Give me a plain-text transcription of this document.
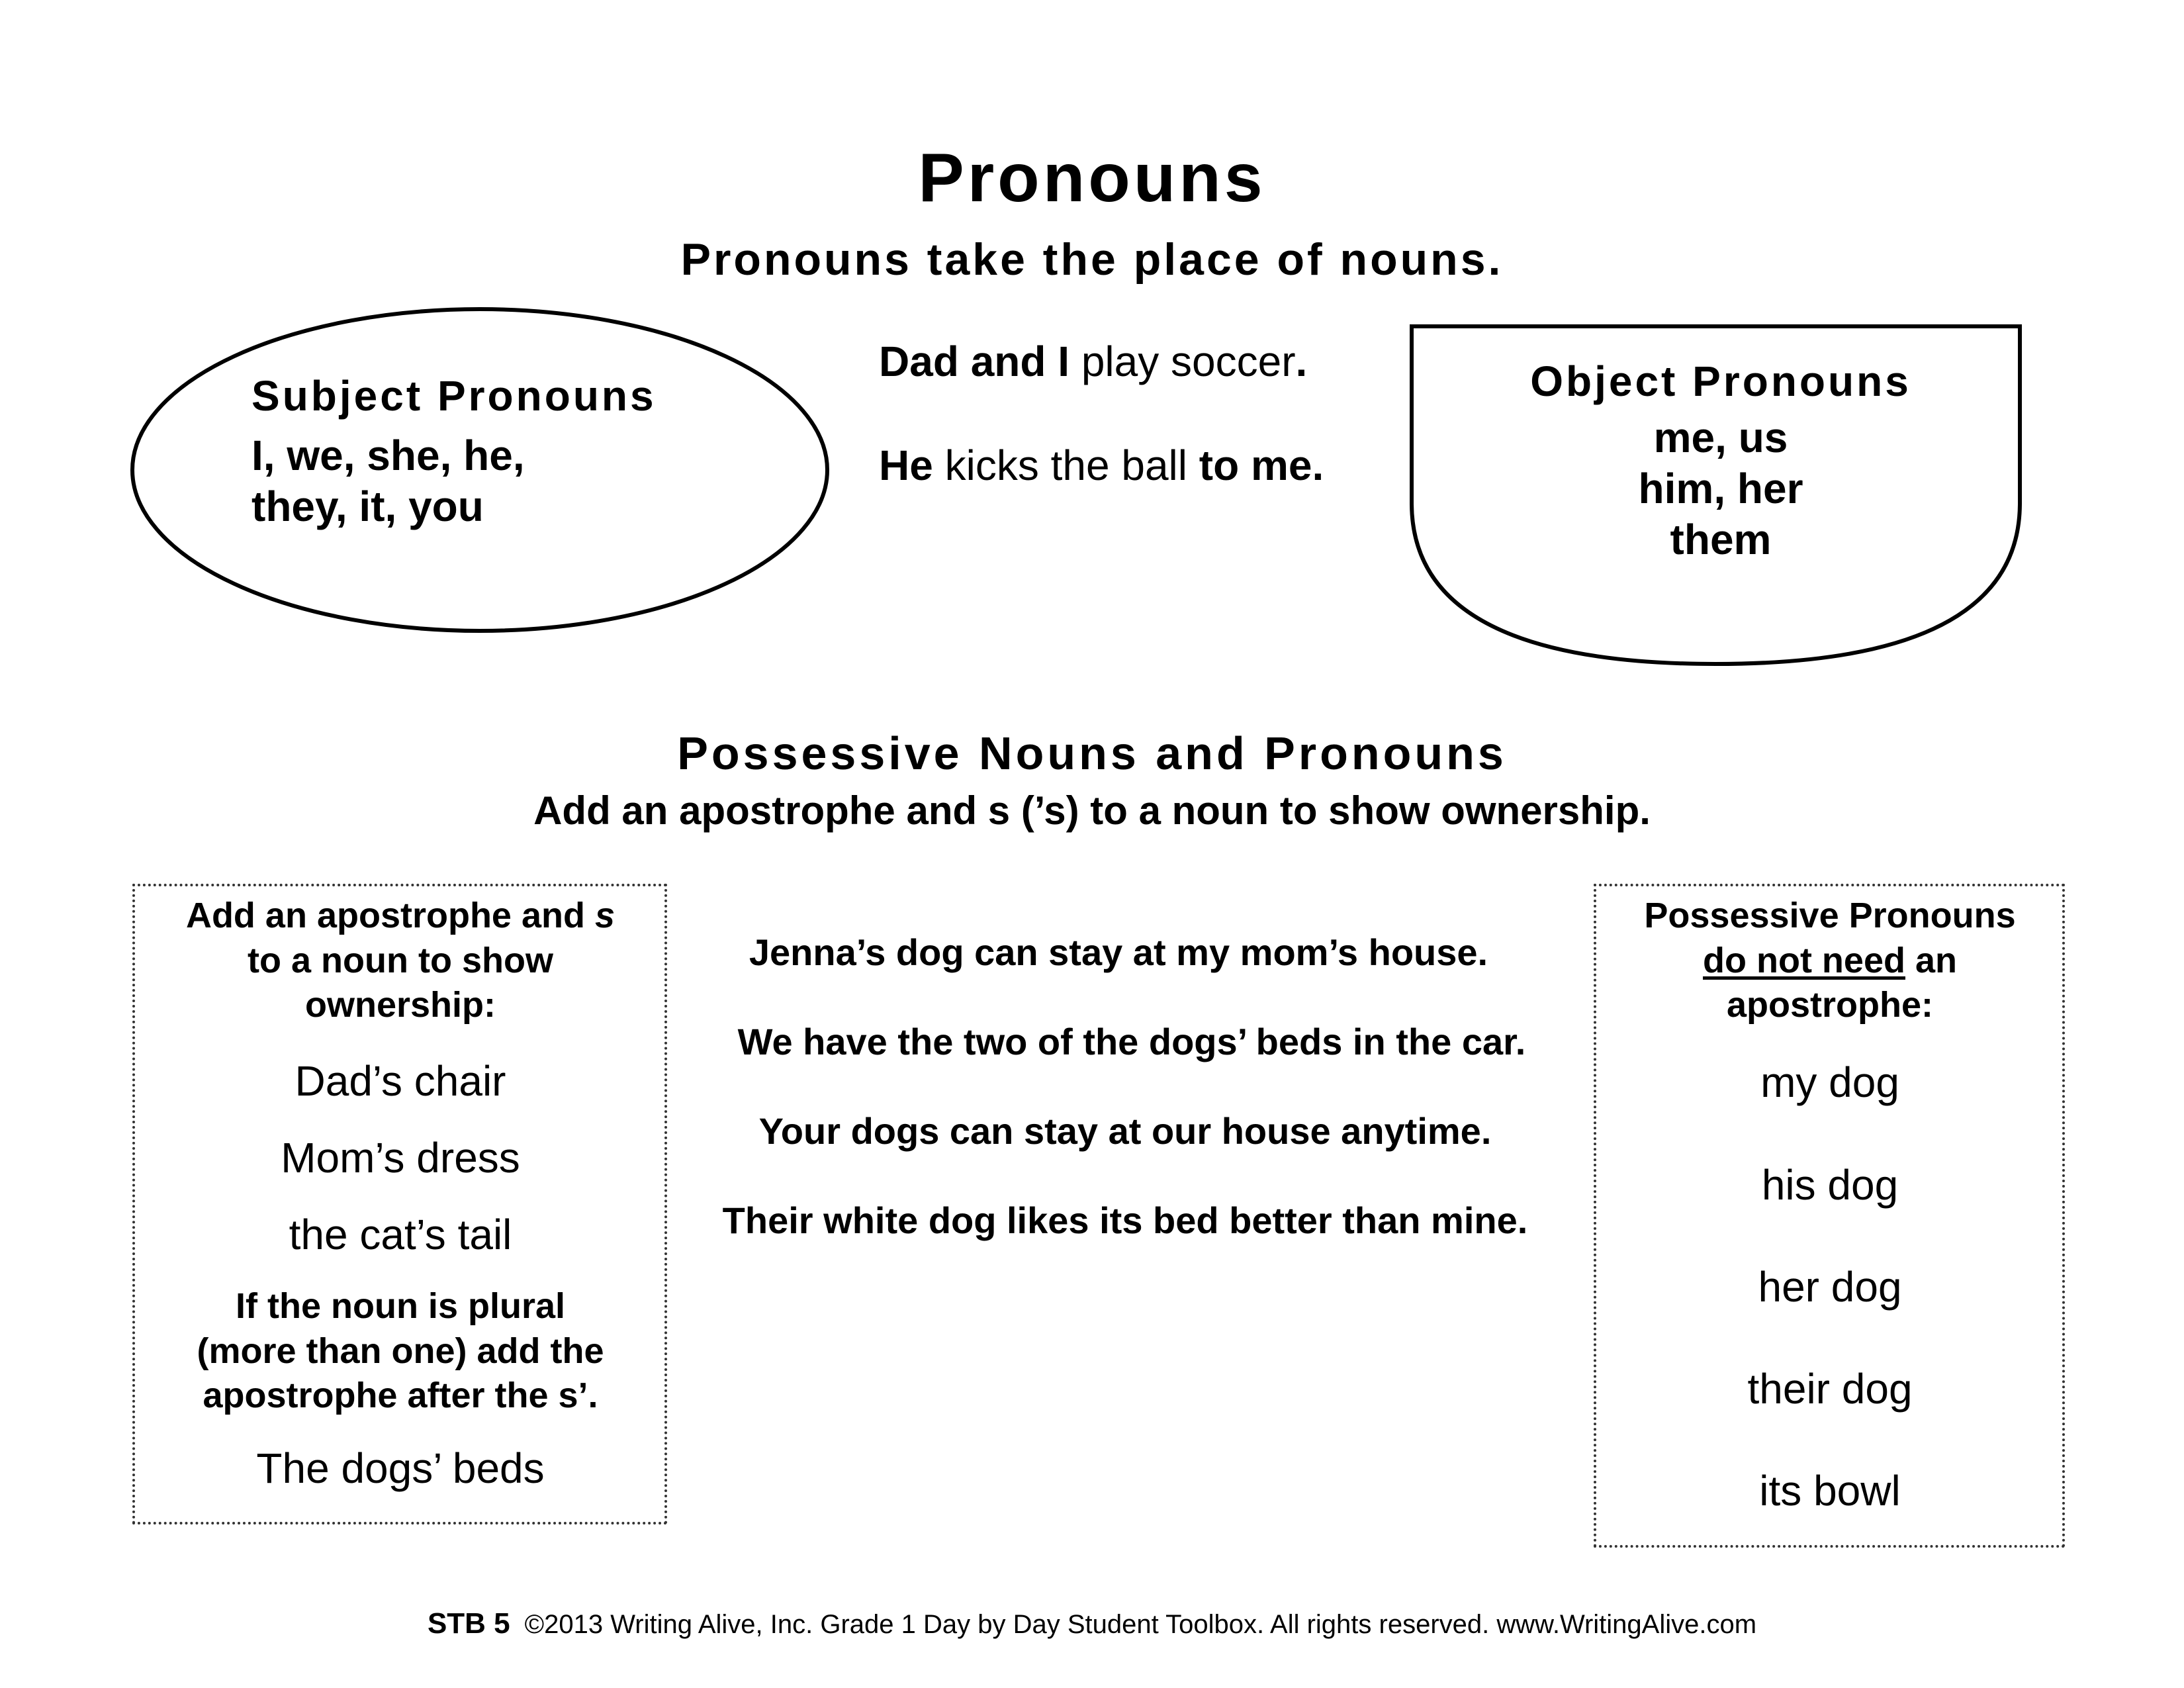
Pronouns
Pronouns take the place of nouns.
Subject Pronouns
I, we, she, he,
they, it, you
Dad and I play soccer.
He kicks the ball to me.
Object Pronouns
me, us
him, her
them
Possessive Nouns and Pronouns
Add an apostrophe and s (’s) to a noun to show ownership.
Add an apostrophe and s
to a noun to show
ownership:
Dad’s chair
Mom’s dress
the cat’s tail
If the noun is plural
(more than one) add the
apostrophe after the s’.
The dogs’ beds
Jenna’s dog can stay at my mom’s house.
We have the two of the dogs’ beds in the car.
Your dogs can stay at our house anytime.
Their white dog likes its bed better than mine.
Possessive Pronouns
do not need an
apostrophe:
my dog
his dog
her dog
their dog
its bowl
STB 5 ©2013 Writing Alive, Inc. Grade 1 Day by Day Student Toolbox. All rights reserved. www.WritingAlive.com
